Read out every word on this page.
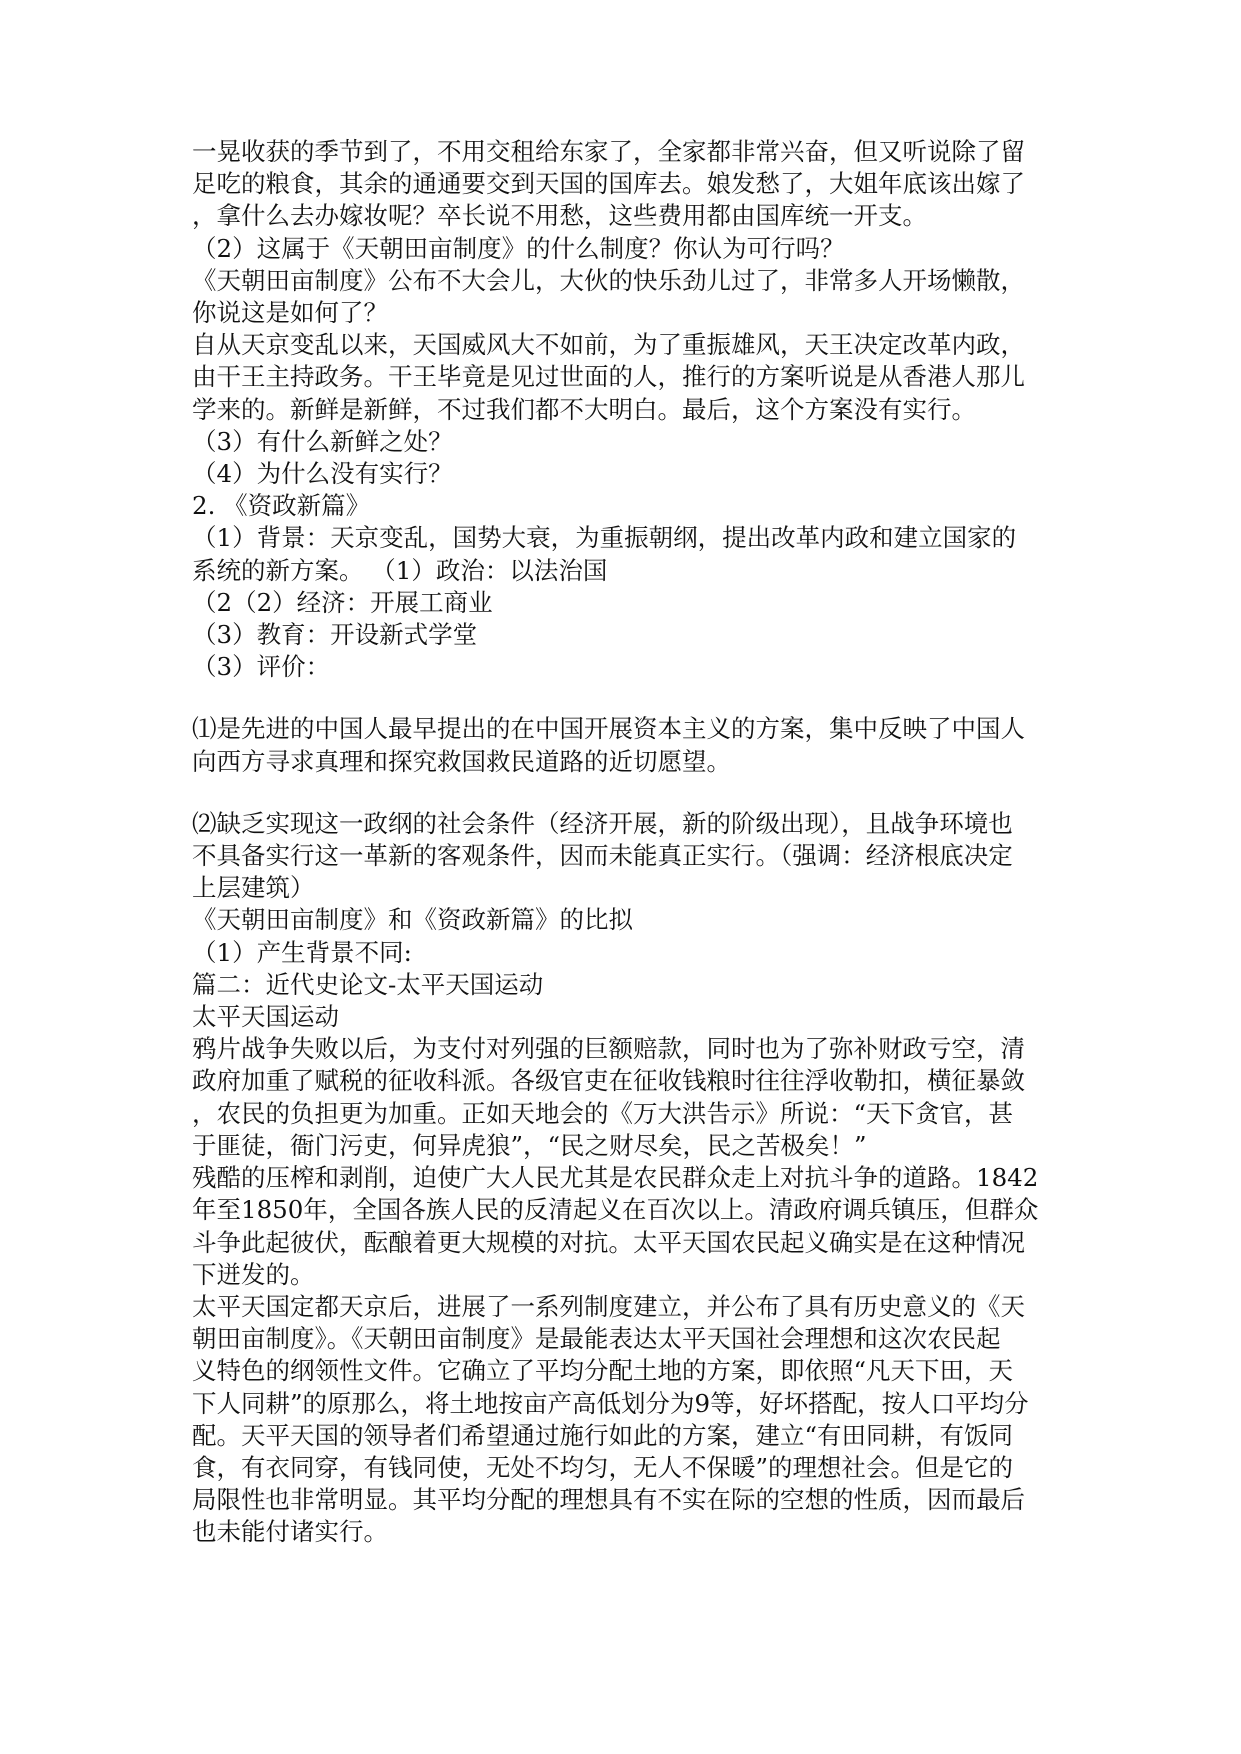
一晃收获的季节到了，不用交租给东家了，全家都非常兴奋，但又听说除了留

足吃的粮食，其余的通通要交到天国的国库去。娘发愁了，大姐年底该出嫁了

，拿什么去办嫁妆呢？卒长说不用愁，这些费用都由国库统一开支。

（2）这属于《天朝田亩制度》的什么制度？你认为可行吗？

《天朝田亩制度》公布不大会儿，大伙的快乐劲儿过了，非常多人开场懒散，

你说这是如何了？

自从天京变乱以来，天国威风大不如前，为了重振雄风，天王决定改革内政，

由干王主持政务。干王毕竟是见过世面的人，推行的方案听说是从香港人那儿

学来的。新鲜是新鲜，不过我们都不大明白。最后，这个方案没有实行。

（3）有什么新鲜之处？

（4）为什么没有实行？

2. 《资政新篇》

（1）背景：天京变乱，国势大衰，为重振朝纲，提出改革内政和建立国家的

系统的新方案。 （1）政治：以法治国

（2（2）经济：开展工商业

（3）教育：开设新式学堂

（3）评价：

⑴是先进的中国人最早提出的在中国开展资本主义的方案，集中反映了中国人

向西方寻求真理和探究救国救民道路的近切愿望。

⑵缺乏实现这一政纲的社会条件（经济开展，新的阶级出现），且战争环境也

不具备实行这一革新的客观条件，因而未能真正实行。（强调：经济根底决定

上层建筑）

《天朝田亩制度》和《资政新篇》的比拟

（1）产生背景不同:

篇二：近代史论文-太平天国运动

太平天国运动

鸦片战争失败以后，为支付对列强的巨额赔款，同时也为了弥补财政亏空，清

政府加重了赋税的征收科派。各级官吏在征收钱粮时往往浮收勒扣，横征暴敛

，农民的负担更为加重。正如天地会的《万大洪告示》所说：“天下贪官，甚

于匪徒，衙门污吏，何异虎狼”，“民之财尽矣，民之苦极矣！”

残酷的压榨和剥削，迫使广大人民尤其是农民群众走上对抗斗争的道路。1842

年至1850年，全国各族人民的反清起义在百次以上。清政府调兵镇压，但群众

斗争此起彼伏，酝酿着更大规模的对抗。太平天国农民起义确实是在这种情况

下迸发的。

太平天国定都天京后，进展了一系列制度建立，并公布了具有历史意义的《天

朝田亩制度》。《天朝田亩制度》是最能表达太平天国社会理想和这次农民起

义特色的纲领性文件。它确立了平均分配土地的方案，即依照“凡天下田，天

下人同耕”的原那么，将土地按亩产高低划分为9等，好坏搭配，按人口平均分

配。天平天国的领导者们希望通过施行如此的方案，建立“有田同耕，有饭同

食，有衣同穿，有钱同使，无处不均匀，无人不保暖”的理想社会。但是它的

局限性也非常明显。其平均分配的理想具有不实在际的空想的性质，因而最后

也未能付诸实行。
